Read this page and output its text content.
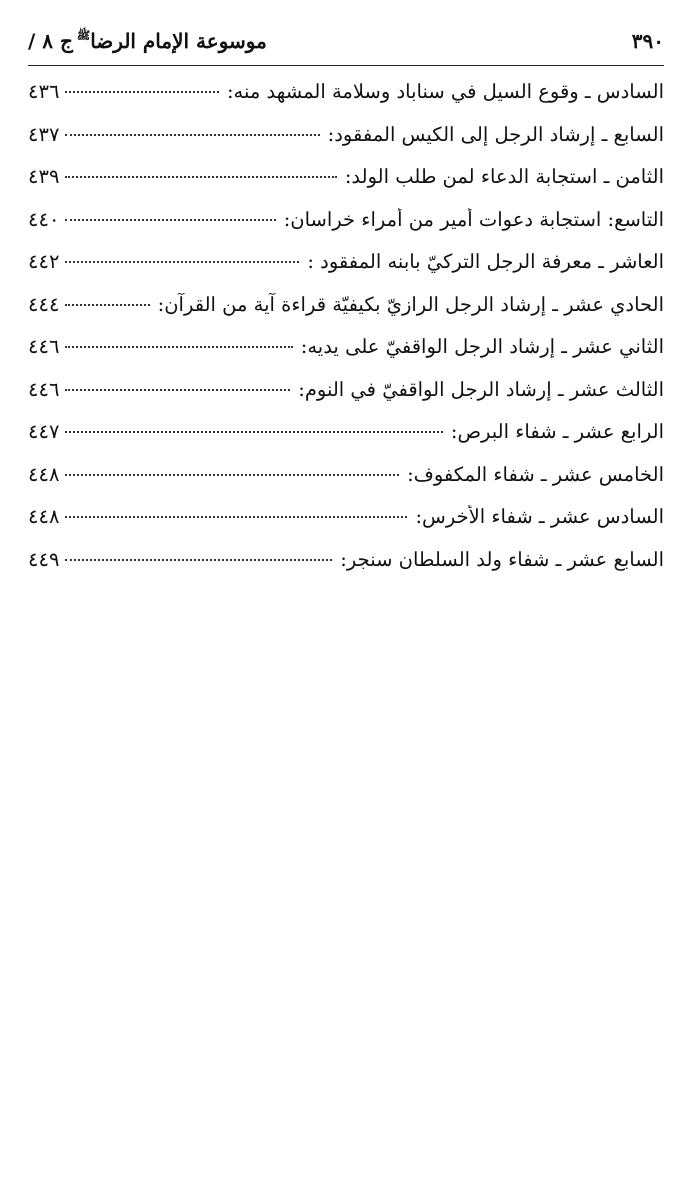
٣٩٠
/ ج ٨ موسوعة الإمام الرضا$^ﷺ$
السادس ـ وقوع السيل في سناباد وسلامة المشهد منه:
٤٣٦
السابع ـ إرشاد الرجل إلى الكيس المفقود:
٤٣٧
الثامن ـ استجابة الدعاء لمن طلب الولد:
٤٣٩
التاسع: استجابة دعوات أمير من أمراء خراسان:
٤٤٠
العاشر ـ معرفة الرجل التركيّ بابنه المفقود :
٤٤٢
الحادي عشر ـ إرشاد الرجل الرازيّ بكيفيّة قراءة آية من القرآن:
٤٤٤
الثاني عشر ـ إرشاد الرجل الواقفيّ على يديه:
٤٤٦
الثالث عشر ـ إرشاد الرجل الواقفيّ في النوم:
٤٤٦
الرابع عشر ـ شفاء البرص:
٤٤٧
الخامس عشر ـ شفاء المكفوف:
٤٤٨
السادس عشر ـ شفاء الأخرس:
٤٤٨
السابع عشر ـ شفاء ولد السلطان سنجر:
٤٤٩
